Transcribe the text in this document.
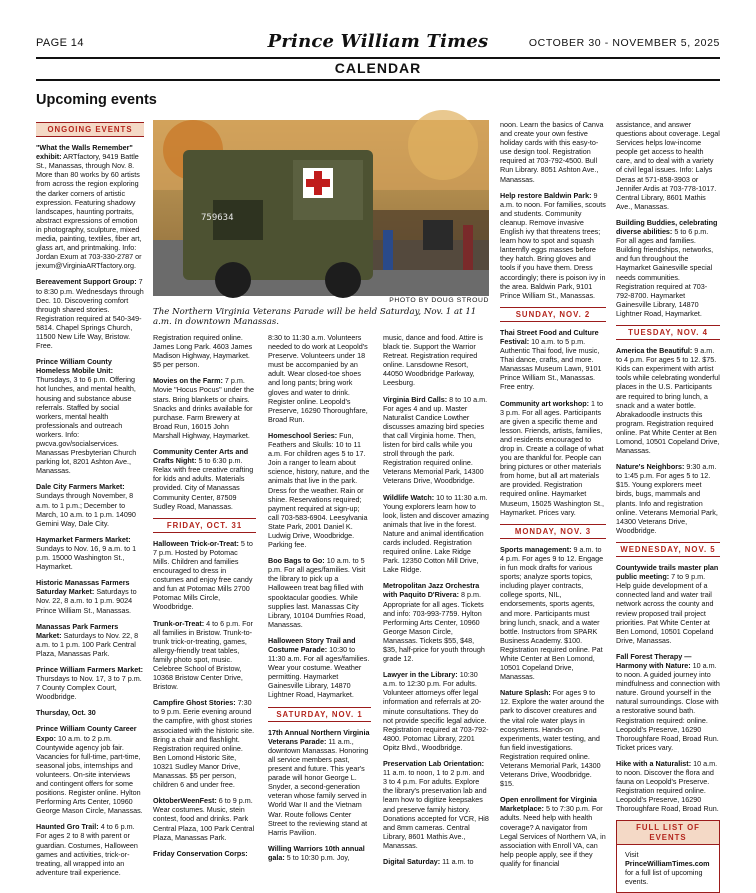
PAGE 14	Prince William Times	OCTOBER 30 - NOVEMBER 5, 2025
CALENDAR
Upcoming events
ONGOING EVENTS

"What the Walls Remember" exhibit: ARTfactory, 9419 Battle St., Manassas, through Nov. 8. More than 80 works by 60 artists from across the region exploring the darker corners of artistic expression. Featuring shadowy landscapes, haunting portraits, abstract expressions of emotion in photography, sculpture, mixed media, painting, textiles, fiber art, glass art, and printmaking. Info: Jordan Exum at 703-330-2787 or jexum@VirginiaARTfactory.org.

Bereavement Support Group: 7 to 8:30 p.m. Wednesdays through Dec. 10. Discovering comfort through shared stories. Registration required at 540-349-5814. Chapel Springs Church, 11500 New Life Way, Bristow. Free.

Prince William County Homeless Mobile Unit: Thursdays, 3 to 6 p.m. Offering hot lunches, and mental health, housing and substance abuse referrals. Staffed by social workers, mental health professionals and outreach workers. Info: pwcva.gov/socialservices. Manassas Presbyterian Church parking lot, 8201 Ashton Ave., Manassas.

Dale City Farmers Market: Sundays through November, 8 a.m. to 1 p.m.; December to March, 10 a.m. to 1 p.m. 14090 Gemini Way, Dale City.

Haymarket Farmers Market: Sundays to Nov. 16, 9 a.m. to 1 p.m. 15000 Washington St., Haymarket.

Historic Manassas Farmers Saturday Market: Saturdays to Nov. 22, 8 a.m. to 1 p.m. 9024 Prince William St., Manassas.

Manassas Park Farmers Market: Saturdays to Nov. 22, 8 a.m. to 1 p.m. 100 Park Central Plaza, Manassas Park.

Prince William Farmers Market: Thursdays to Nov. 17, 3 to 7 p.m. 7 County Complex Court, Woodbridge.

Thursday, Oct. 30

Prince William County Career Expo: 10 a.m. to 2 p.m. Countywide agency job fair. Vacancies for full-time, part-time, seasonal jobs, internships and volunteers. On-site interviews and contingent offers for some positions. Register online. Hylton Performing Arts Center, 10960 George Mason Circle, Manassas.

Haunted Gro Trail: 4 to 6 p.m. For ages 2 to 8 with parent or guardian. Costumes, Halloween games and activities, trick-or-treating, all wrapped into an adventure trail experience.

759634
PHOTO BY DOUG STROUD
The Northern Virginia Veterans Parade will be held Saturday, Nov. 1 at 11 a.m. in downtown Manassas.

Registration required online. James Long Park. 4603 James Madison Highway, Haymarket. $5 per person.

Movies on the Farm: 7 p.m. Movie "Hocus Pocus" under the stars. Bring blankets or chairs. Snacks and drinks available for purchase. Farm Brewery at Broad Run, 16015 John Marshall Highway, Haymarket.

Community Center Arts and Crafts Night: 5 to 6:30 p.m. Relax with free creative crafting for kids and adults. Materials provided. City of Manassas Community Center, 87509 Sudley Road, Manassas.

FRIDAY, OCT. 31

Halloween Trick-or-Treat: 5 to 7 p.m. Hosted by Potomac Mills. Children and families encouraged to dress in costumes and enjoy free candy and fun at Potomac Mills 2700 Potomac Mills Circle, Woodbridge.

Trunk-or-Treat: 4 to 6 p.m. For all families in Bristow. Trunk-to-trunk trick-or-treating, games, allergy-friendly treat tables, family photo spot, music. Celebree School of Bristow, 10368 Bristow Center Drive, Bristow.

Campfire Ghost Stories: 7:30 to 9 p.m. Eerie evening around the campfire, with ghost stories associated with the historic site. Bring a chair and flashlight. Registration required online. Ben Lomond Historic Site, 10321 Sudley Manor Drive, Manassas. $5 per person, children 6 and under free.

OktoberWeenFest: 6 to 9 p.m. Wear costumes. Music, stein contest, food and drinks. Park Central Plaza, 100 Park Central Plaza, Manassas Park.

Friday Conservation Corps:

8:30 to 11:30 a.m. Volunteers needed to do work at Leopold's Preserve. Volunteers under 18 must be accompanied by an adult. Wear closed-toe shoes and long pants; bring work gloves and water to drink. Register online. Leopold's Preserve, 16290 Thoroughfare, Broad Run.

Homeschool Series: Fun, Feathers and Skulls: 10 to 11 a.m. For children ages 5 to 17. Join a ranger to learn about science, history, nature, and the animals that live in the park. Dress for the weather. Rain or shine. Reservations required; payment required at sign-up; call 703-583-6904. Leesylvania State Park, 2001 Daniel K. Ludwig Drive, Woodbridge. Parking fee.

Boo Bags to Go: 10 a.m. to 5 p.m. For all ages/families. Visit the library to pick up a Halloween treat bag filled with spooktacular goodies. While supplies last. Manassas City Library, 10104 Dumfries Road, Manassas.

Halloween Story Trail and Costume Parade: 10:30 to 11:30 a.m. For all ages/families. Wear your costume. Weather permitting. Haymarket Gainesville Library, 14870 Lightner Road, Haymarket.

SATURDAY, NOV. 1

17th Annual Northern Virginia Veterans Parade: 11 a.m., downtown Manassas. Honoring all service members past, present and future. This year's parade will honor George L. Snyder, a second-generation veteran whose family served in World War II and the Vietnam War. Route follows Center Street to the reviewing stand at Harris Pavilion.

Willing Warriors 10th annual gala: 5 to 10:30 p.m. Joy,

music, dance and food. Attire is black tie. Support the Warrior Retreat. Registration required online. Lansdowne Resort, 44050 Woodbridge Parkway, Leesburg.

Virginia Bird Calls: 8 to 10 a.m. For ages 4 and up. Master Naturalist Candice Lowther discusses amazing bird species that call Virginia home. Then, listen for bird calls while you stroll through the park. Registration required online. Veterans Memorial Park, 14300 Veterans Drive, Woodbridge.

Wildlife Watch: 10 to 11:30 a.m. Young explorers learn how to look, listen and discover amazing animals that live in the forest. Nature and animal identification cards included. Registration required online. Lake Ridge Park. 12350 Cotton Mill Drive, Lake Ridge.

Metropolitan Jazz Orchestra with Paquito D'Rivera: 8 p.m. Appropriate for all ages. Tickets and info: 703-993-7759. Hylton Performing Arts Center, 10960 George Mason Circle, Manassas. Tickets $55, $48, $35, half-price for youth through grade 12.

Lawyer in the Library: 10:30 a.m. to 12:30 p.m. For adults. Volunteer attorneys offer legal information and referrals at 20-minute consultations. They do not provide specific legal advice. Registration required at 703-792-4800. Potomac Library, 2201 Opitz Blvd., Woodbridge.

Preservation Lab Orientation: 11 a.m. to noon, 1 to 2 p.m. and 3 to 4 p.m. For adults. Explore the library's preservation lab and learn how to digitize keepsakes and preserve family history. Donations accepted for VCR, Hi8 and 8mm cameras. Central Library, 8601 Mathis Ave., Manassas.

Digital Saturday: 11 a.m. to

noon. Learn the basics of Canva and create your own festive holiday cards with this easy-to-use design tool. Registration required at 703-792-4500. Bull Run Library. 8051 Ashton Ave., Manassas.

Help restore Baldwin Park: 9 a.m. to noon. For families, scouts and students. Community cleanup. Remove invasive English ivy that threatens trees; learn how to spot and squash lanternfly eggs masses before they hatch. Bring gloves and tools if you have them. Dress accordingly; there is poison ivy in the area. Baldwin Park, 9101 Prince William St., Manassas.

SUNDAY, NOV. 2

Thai Street Food and Culture Festival: 10 a.m. to 5 p.m. Authentic Thai food, live music, Thai dance, crafts, and more. Manassas Museum Lawn, 9101 Prince William St., Manassas. Free entry.

Community art workshop: 1 to 3 p.m. For all ages. Participants are given a specific theme and lesson. Friends, artists, families, and residents encouraged to drop in. Create a collage of what you are thankful for. People can bring pictures or other materials from home, but all art materials are provided. Registration required online. Haymarket Museum, 15025 Washington St., Haymarket. Prices vary.

MONDAY, NOV. 3

Sports management: 9 a.m. to 4 p.m. For ages 9 to 12. Engage in fun mock drafts for various sports; analyze sports topics, including player contracts, college sports, NIL, endorsements, sports agents, and more. Participants must bring lunch, snack, and a water bottle. Instructors from SPARK Business Academy. $100. Registration required online. Pat White Center at Ben Lomond, 10501 Copeland Drive, Manassas.

Nature Splash: For ages 9 to 12. Explore the water around the park to discover creatures and the vital role water plays in ecosystems. Hands-on experiments, water testing, and fun field investigations. Registration required online. Veterans Memorial Park, 14300 Veterans Drive, Woodbridge. $15.

Open enrollment for Virginia Marketplace: 5 to 7:30 p.m. For adults. Need help with health coverage? A navigator from Legal Services of Northern VA, in association with Enroll VA, can help people apply, see if they qualify for financial

assistance, and answer questions about coverage. Legal Services helps low-income people get access to health care, and to deal with a variety of civil legal issues. Info: Lalys Deras at 571-858-3903 or Jennifer Ardis at 703-778-1017. Central Library, 8601 Mathis Ave., Manassas.

Building Buddies, celebrating diverse abilities: 5 to 6 p.m. For all ages and families. Building friendships, networks, and fun throughout the Haymarket Gainesville special needs communities. Registration required at 703-792-8700. Haymarket Gainesville Library, 14870 Lightner Road, Haymarket.

TUESDAY, NOV. 4

America the Beautiful: 9 a.m. to 4 p.m. For ages 5 to 12. $75. Kids can experiment with artist tools while celebrating wonderful places in the U.S. Participants are required to bring lunch, a snack and a water bottle. Abrakadoodle instructs this program. Registration required online. Pat White Center at Ben Lomond, 10501 Copeland Drive, Manassas.

Nature's Neighbors: 9:30 a.m. to 1:45 p.m. For ages 5 to 12. $15. Young explorers meet birds, bugs, mammals and plants. Info and registration online. Veterans Memorial Park, 14300 Veterans Drive, Woodbridge.

WEDNESDAY, NOV. 5

Countywide trails master plan public meeting: 7 to 9 p.m. Help guide development of a connected land and water trail network across the county and review proposed trail project priorities. Pat White Center at Ben Lomond, 10501 Copeland Drive, Manassas.

Fall Forest Therapy — Harmony with Nature: 10 a.m. to noon. A guided journey into mindfulness and connection with nature. Ground yourself in the natural surroundings. Close with a restorative sound bath. Registration required: online. Leopold's Preserve, 16290 Thoroughfare Road, Broad Run. Ticket prices vary.

Hike with a Naturalist: 10 a.m. to noon. Discover the flora and fauna on Leopold's Preserve. Registration required online. Leopold's Preserve, 16290 Thoroughfare Road, Broad Run.

FULL LIST OF EVENTS
Visit PrinceWilliamTimes.com for a full list of upcoming events.
